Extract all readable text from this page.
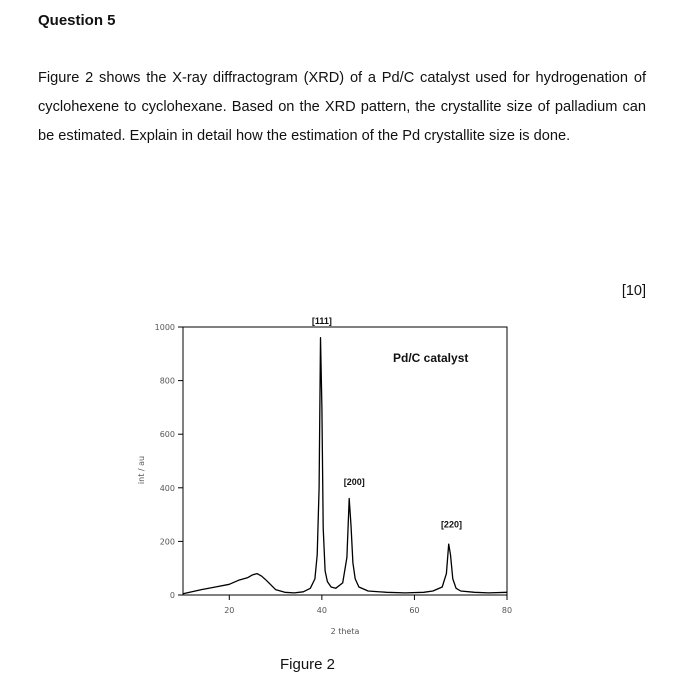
Question 5

Figure 2 shows the X-ray diffractogram (XRD) of a Pd/C catalyst used for hydrogenation of cyclohexene to cyclohexane. Based on the XRD pattern, the crystallite size of palladium can be estimated. Explain in detail how the estimation of the Pd crystallite size is done.

[10]
0
200
400
600
800
1000
20	40	60	80
[111]
[200]
[220]
Pd/C catalyst
2 theta
int / au
Figure 2
